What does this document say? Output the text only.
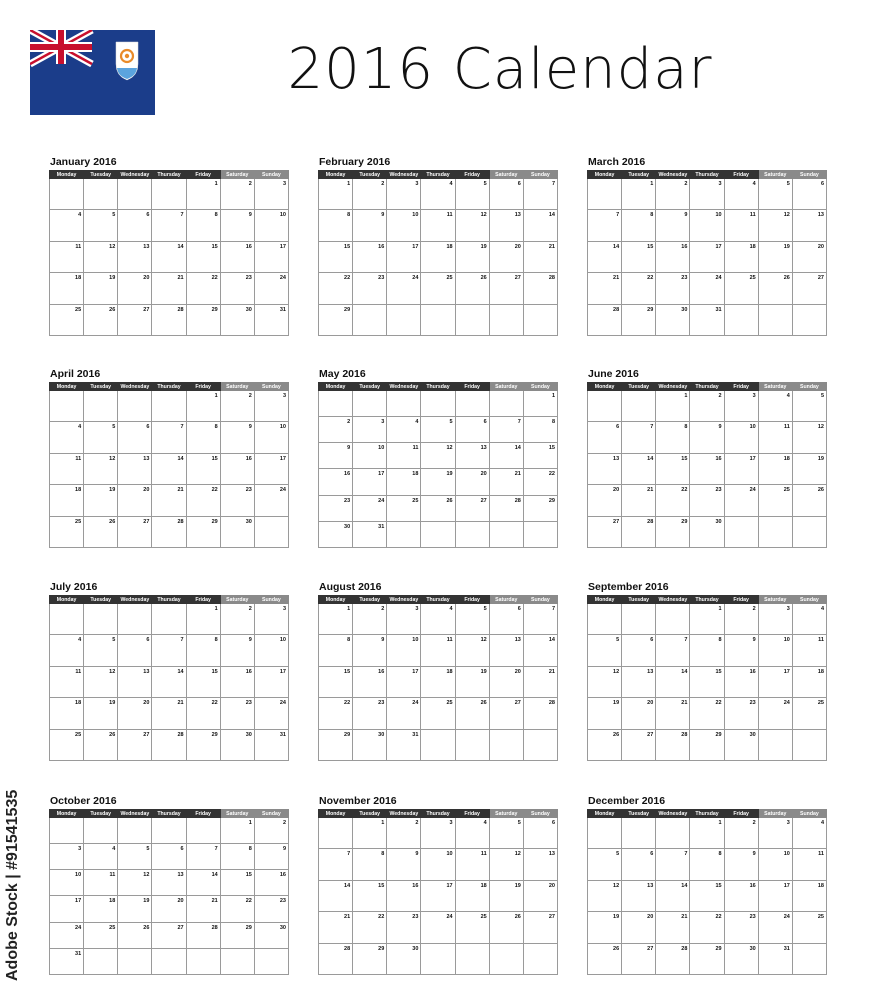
2016 Calendar
January 2016
Monday	Tuesday	Wednesday	Thursday	Friday	Saturday	Sunday

				1	2	3

4	5	6	7	8	9	10

11	12	13	14	15	16	17

18	19	20	21	22	23	24

25	26	27	28	29	30	31
February 2016
Monday	Tuesday	Wednesday	Thursday	Friday	Saturday	Sunday

1	2	3	4	5	6	7

8	9	10	11	12	13	14

15	16	17	18	19	20	21

22	23	24	25	26	27	28

29						

March 2016
Monday	Tuesday	Wednesday	Thursday	Friday	Saturday	Sunday

	1	2	3	4	5	6

7	8	9	10	11	12	13

14	15	16	17	18	19	20

21	22	23	24	25	26	27

28	29	30	31			

April 2016
Monday	Tuesday	Wednesday	Thursday	Friday	Saturday	Sunday

				1	2	3

4	5	6	7	8	9	10

11	12	13	14	15	16	17

18	19	20	21	22	23	24

25	26	27	28	29	30	

May 2016
Monday	Tuesday	Wednesday	Thursday	Friday	Saturday	Sunday

						1

2	3	4	5	6	7	8

9	10	11	12	13	14	15

16	17	18	19	20	21	22

23	24	25	26	27	28	29

30	31					

June 2016
Monday	Tuesday	Wednesday	Thursday	Friday	Saturday	Sunday

		1	2	3	4	5

6	7	8	9	10	11	12

13	14	15	16	17	18	19

20	21	22	23	24	25	26

27	28	29	30			

July 2016
Monday	Tuesday	Wednesday	Thursday	Friday	Saturday	Sunday

				1	2	3

4	5	6	7	8	9	10

11	12	13	14	15	16	17

18	19	20	21	22	23	24

25	26	27	28	29	30	31
August 2016
Monday	Tuesday	Wednesday	Thursday	Friday	Saturday	Sunday

1	2	3	4	5	6	7

8	9	10	11	12	13	14

15	16	17	18	19	20	21

22	23	24	25	26	27	28

29	30	31				

September 2016
Monday	Tuesday	Wednesday	Thursday	Friday	Saturday	Sunday

			1	2	3	4

5	6	7	8	9	10	11

12	13	14	15	16	17	18

19	20	21	22	23	24	25

26	27	28	29	30		

October 2016
Monday	Tuesday	Wednesday	Thursday	Friday	Saturday	Sunday

					1	2

3	4	5	6	7	8	9

10	11	12	13	14	15	16

17	18	19	20	21	22	23

24	25	26	27	28	29	30

31						

November 2016
Monday	Tuesday	Wednesday	Thursday	Friday	Saturday	Sunday

	1	2	3	4	5	6

7	8	9	10	11	12	13

14	15	16	17	18	19	20

21	22	23	24	25	26	27

28	29	30				

December 2016
Monday	Tuesday	Wednesday	Thursday	Friday	Saturday	Sunday

			1	2	3	4

5	6	7	8	9	10	11

12	13	14	15	16	17	18

19	20	21	22	23	24	25

26	27	28	29	30	31	

Adobe Stock | #91541535
